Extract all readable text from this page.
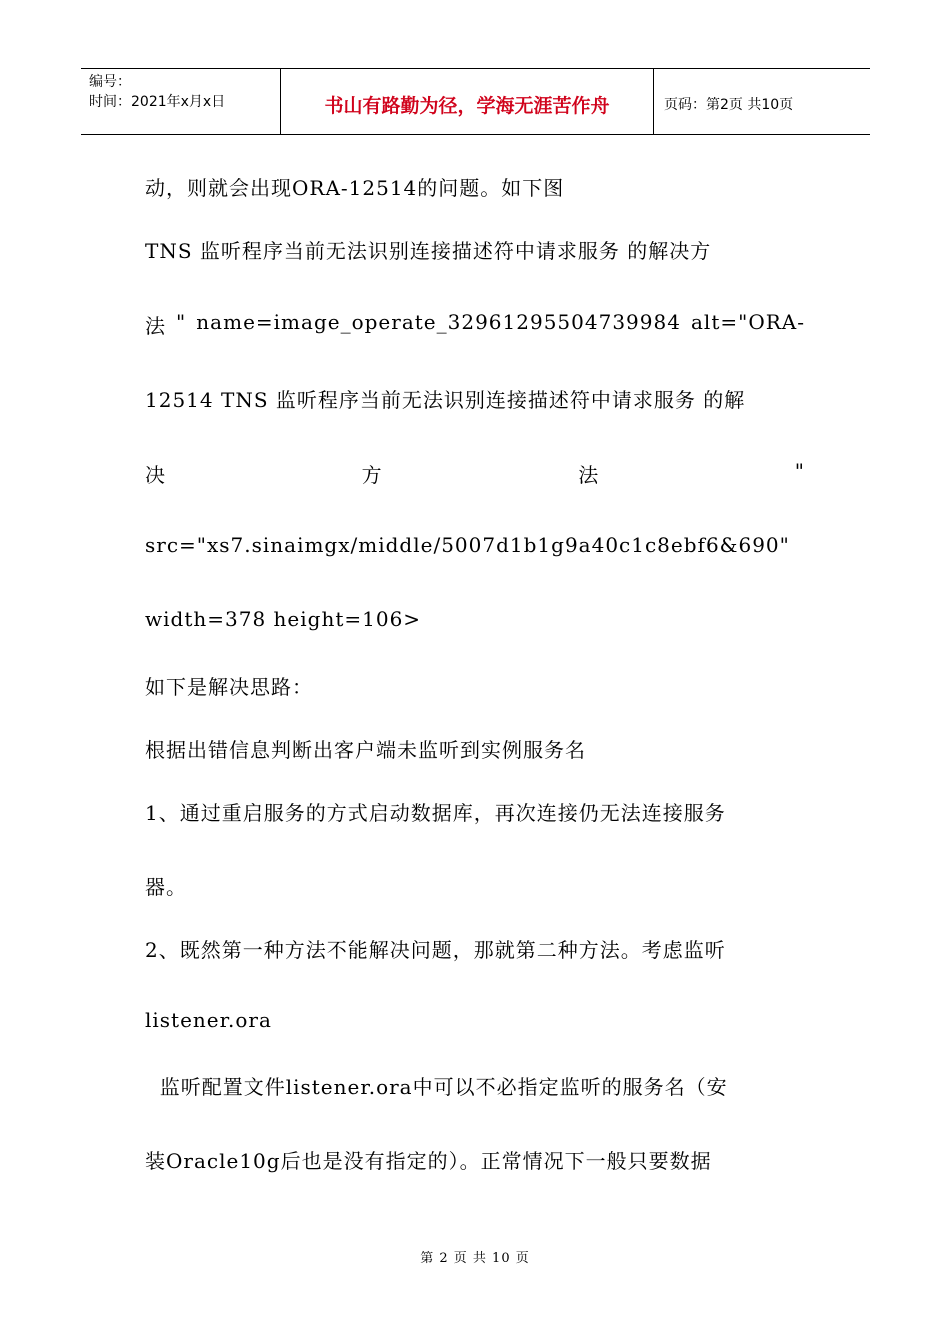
编号：
时间：2021年x月x日	书山有路勤为径，学海无涯苦作舟	页码：第2页 共10页
动，则就会出现ORA-12514的问题。如下图
TNS 监听程序当前无法识别连接描述符中请求服务 的解决方
法 " name=image_operate_32961295504739984 alt="ORA-
12514 TNS 监听程序当前无法识别连接描述符中请求服务 的解
决	方	法	"
src="xs7.sinaimgx/middle/5007d1b1g9a40c1c8ebf6&690"
width=378 height=106>
如下是解决思路：
根据出错信息判断出客户端未监听到实例服务名
1、通过重启服务的方式启动数据库，再次连接仍无法连接服务
器。
2、既然第一种方法不能解决问题，那就第二种方法。考虑监听
listener.ora
监听配置文件listener.ora中可以不必指定监听的服务名（安
装Oracle10g后也是没有指定的）。正常情况下一般只要数据
第 2 页 共 10 页
